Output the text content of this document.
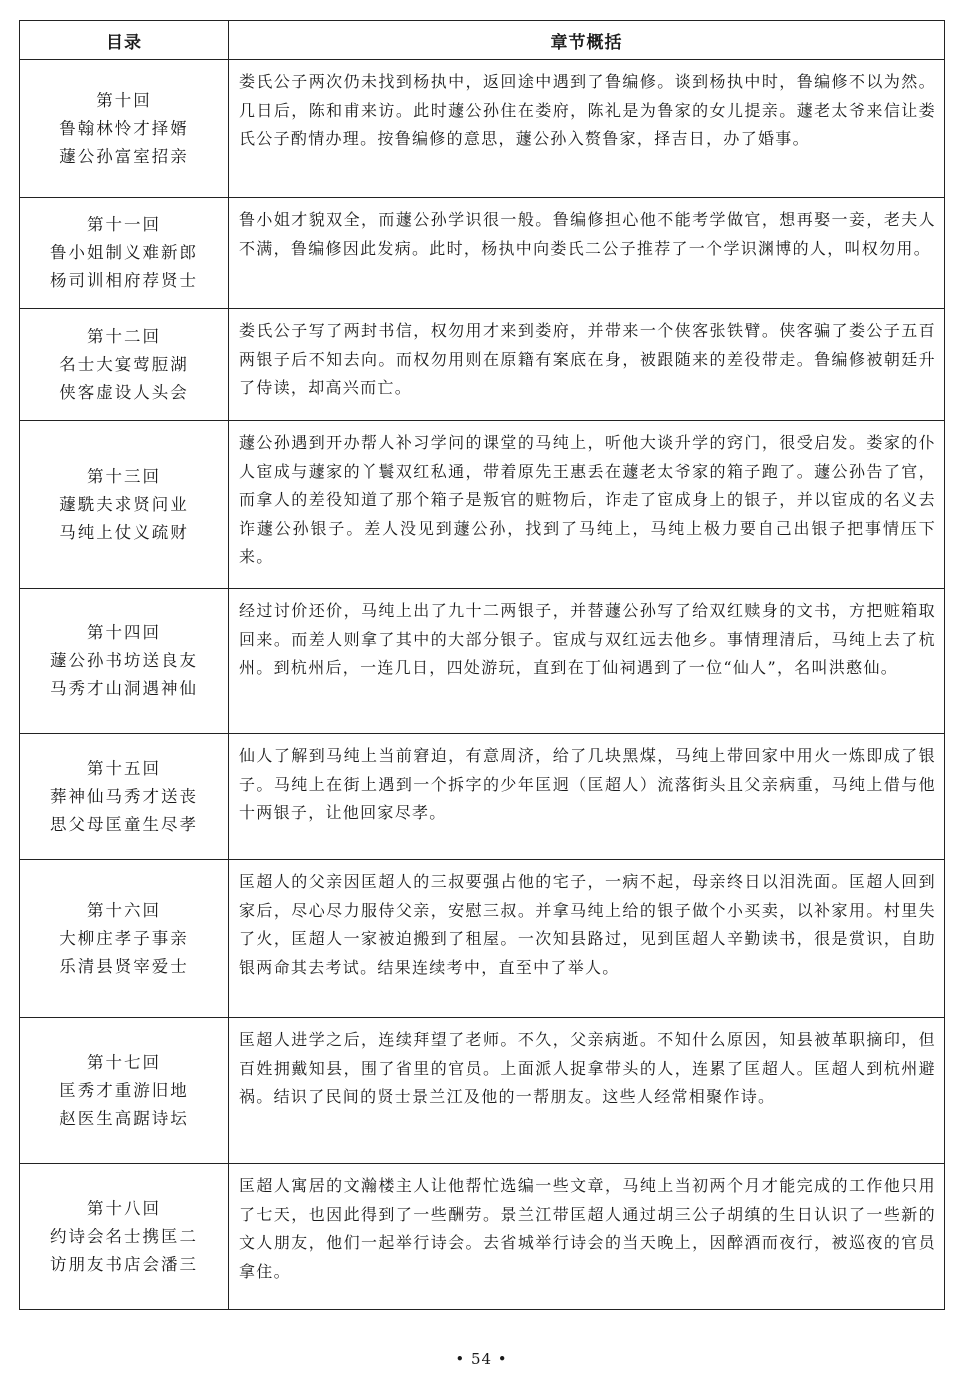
目录	章节概括

第十回
鲁翰林怜才择婿
蘧公孙富室招亲	娄氏公子两次仍未找到杨执中，返回途中遇到了鲁编修。谈到杨执中时，鲁编修不以为然。几日后，陈和甫来访。此时蘧公孙住在娄府，陈礼是为鲁家的女儿提亲。蘧老太爷来信让娄氏公子酌情办理。按鲁编修的意思，蘧公孙入赘鲁家，择吉日，办了婚事。

第十一回
鲁小姐制义难新郎
杨司训相府荐贤士	鲁小姐才貌双全，而蘧公孙学识很一般。鲁编修担心他不能考学做官，想再娶一妾，老夫人不满，鲁编修因此发病。此时，杨执中向娄氏二公子推荐了一个学识渊博的人，叫权勿用。

第十二回
名士大宴莺脰湖
侠客虚设人头会	娄氏公子写了两封书信，权勿用才来到娄府，并带来一个侠客张铁臂。侠客骗了娄公子五百两银子后不知去向。而权勿用则在原籍有案底在身，被跟随来的差役带走。鲁编修被朝廷升了侍读，却高兴而亡。

第十三回
蘧駪夫求贤问业
马纯上仗义疏财	蘧公孙遇到开办帮人补习学问的课堂的马纯上，听他大谈升学的窍门，很受启发。娄家的仆人宦成与蘧家的丫鬟双红私通，带着原先王惠丢在蘧老太爷家的箱子跑了。蘧公孙告了官，而拿人的差役知道了那个箱子是叛官的赃物后，诈走了宦成身上的银子，并以宦成的名义去诈蘧公孙银子。差人没见到蘧公孙，找到了马纯上，马纯上极力要自己出银子把事情压下来。

第十四回
蘧公孙书坊送良友
马秀才山洞遇神仙	经过讨价还价，马纯上出了九十二两银子，并替蘧公孙写了给双红赎身的文书，方把赃箱取回来。而差人则拿了其中的大部分银子。宦成与双红远去他乡。事情理清后，马纯上去了杭州。到杭州后，一连几日，四处游玩，直到在丁仙祠遇到了一位“仙人”，名叫洪憨仙。

第十五回
葬神仙马秀才送丧
思父母匡童生尽孝	仙人了解到马纯上当前窘迫，有意周济，给了几块黑煤，马纯上带回家中用火一炼即成了银子。马纯上在街上遇到一个拆字的少年匡迥（匡超人）流落街头且父亲病重，马纯上借与他十两银子，让他回家尽孝。

第十六回
大柳庄孝子事亲
乐清县贤宰爱士	匡超人的父亲因匡超人的三叔要强占他的宅子，一病不起，母亲终日以泪洗面。匡超人回到家后，尽心尽力服侍父亲，安慰三叔。并拿马纯上给的银子做个小买卖，以补家用。村里失了火，匡超人一家被迫搬到了租屋。一次知县路过，见到匡超人辛勤读书，很是赏识，自助银两命其去考试。结果连续考中，直至中了举人。

第十七回
匡秀才重游旧地
赵医生高踞诗坛	匡超人进学之后，连续拜望了老师。不久，父亲病逝。不知什么原因，知县被革职摘印，但百姓拥戴知县，围了省里的官员。上面派人捉拿带头的人，连累了匡超人。匡超人到杭州避祸。结识了民间的贤士景兰江及他的一帮朋友。这些人经常相聚作诗。

第十八回
约诗会名士携匡二
访朋友书店会潘三	匡超人寓居的文瀚楼主人让他帮忙选编一些文章，马纯上当初两个月才能完成的工作他只用了七天，也因此得到了一些酬劳。景兰江带匡超人通过胡三公子胡缜的生日认识了一些新的文人朋友，他们一起举行诗会。去省城举行诗会的当天晚上，因醉酒而夜行，被巡夜的官员拿住。
• 54 •
